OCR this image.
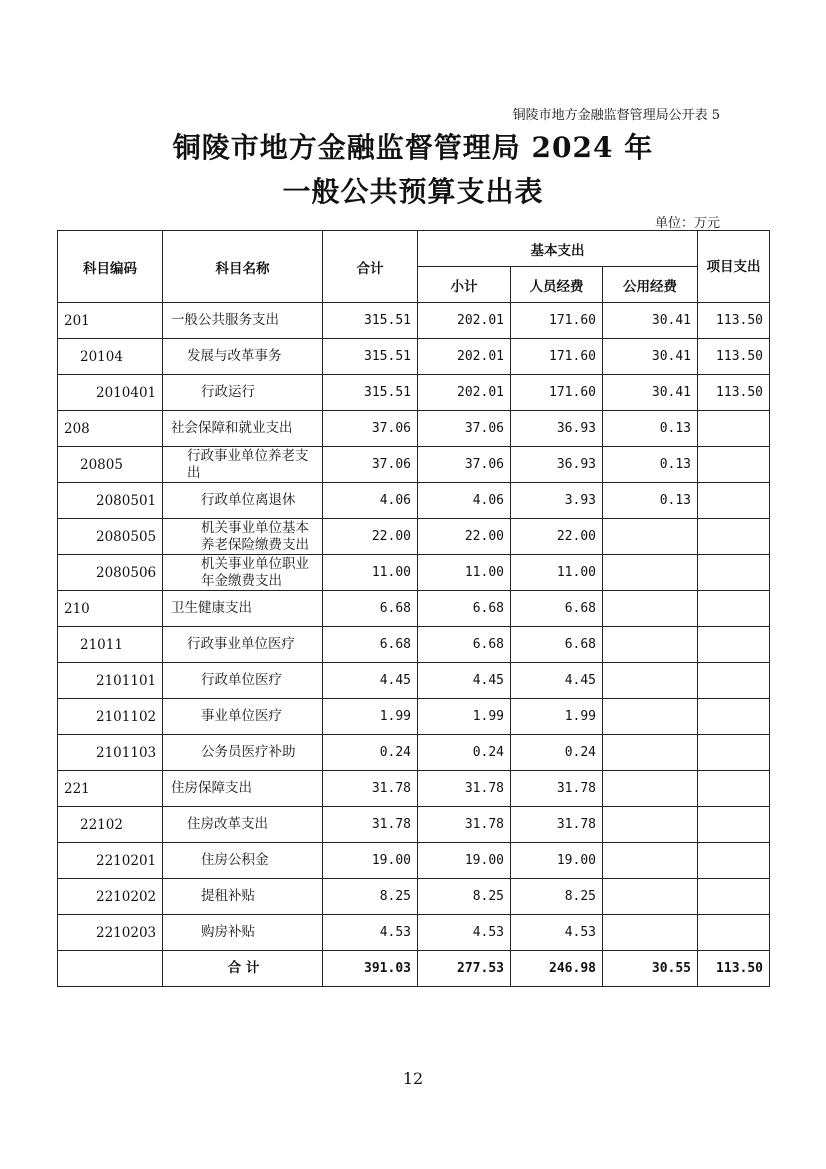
铜陵市地方金融监督管理局公开表 5
铜陵市地方金融监督管理局 2024 年
一般公共预算支出表
单位：万元
科目编码	科目名称	合计	基本支出			项目支出
			小计	人员经费	公用经费	
201	一般公共服务支出	315.51	202.01	171.60	30.41	113.50
20104	发展与改革事务	315.51	202.01	171.60	30.41	113.50
2010401	行政运行	315.51	202.01	171.60	30.41	113.50
208	社会保障和就业支出	37.06	37.06	36.93	0.13	
20805	行政事业单位养老支出	37.06	37.06	36.93	0.13	
2080501	行政单位离退休	4.06	4.06	3.93	0.13	
2080505	机关事业单位基本养老保险缴费支出	22.00	22.00	22.00		
2080506	机关事业单位职业年金缴费支出	11.00	11.00	11.00		
210	卫生健康支出	6.68	6.68	6.68		
21011	行政事业单位医疗	6.68	6.68	6.68		
2101101	行政单位医疗	4.45	4.45	4.45		
2101102	事业单位医疗	1.99	1.99	1.99		
2101103	公务员医疗补助	0.24	0.24	0.24		
221	住房保障支出	31.78	31.78	31.78		
22102	住房改革支出	31.78	31.78	31.78		
2210201	住房公积金	19.00	19.00	19.00		
2210202	提租补贴	8.25	8.25	8.25		
2210203	购房补贴	4.53	4.53	4.53		
	合 计	391.03	277.53	246.98	30.55	113.50
12
